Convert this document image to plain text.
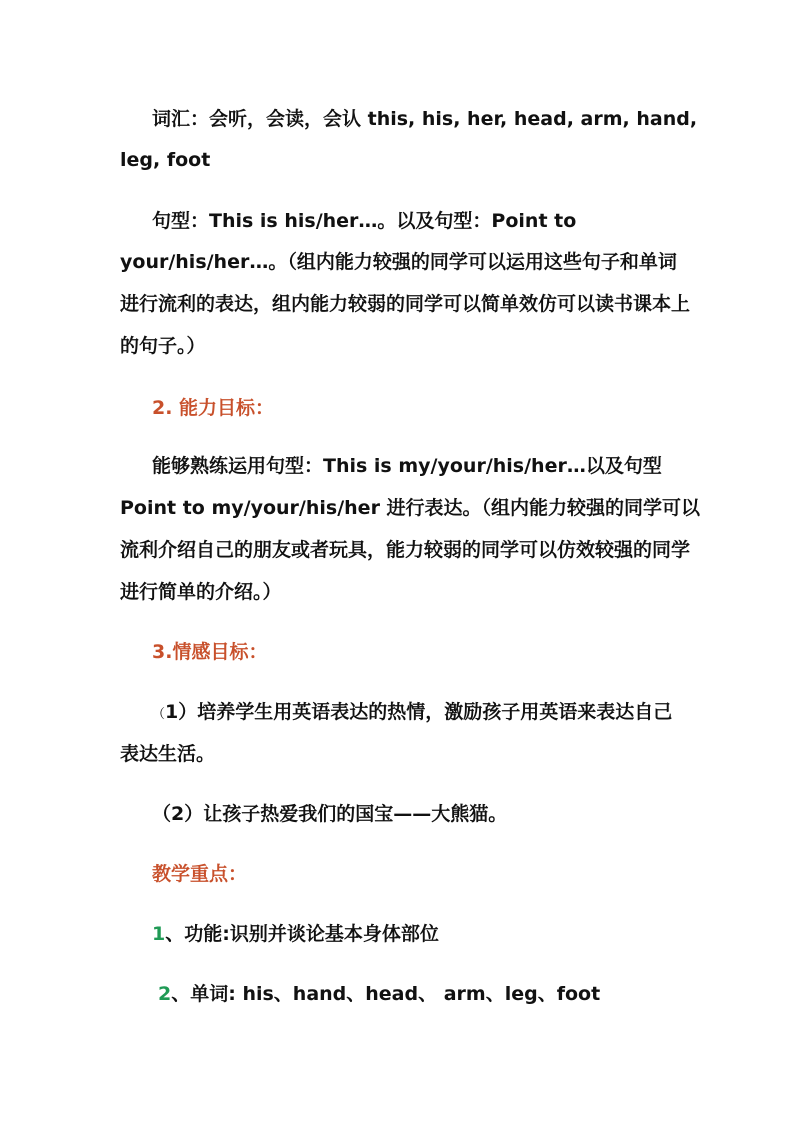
词汇：会听，会读，会认 this, his, her, head, arm, hand,
leg, foot
句型：This is his/her…。以及句型：Point to
your/his/her…。（组内能力较强的同学可以运用这些句子和单词
进行流利的表达，组内能力较弱的同学可以简单效仿可以读书课本上
的句子。）
2. 能力目标：
能够熟练运用句型：This is my/your/his/her…以及句型
Point to my/your/his/her 进行表达。（组内能力较强的同学可以
流利介绍自己的朋友或者玩具，能力较弱的同学可以仿效较强的同学
进行简单的介绍。）
3.情感目标：
（1）培养学生用英语表达的热情，激励孩子用英语来表达自己
表达生活。
（2）让孩子热爱我们的国宝——大熊猫。
教学重点：
1、功能:识别并谈论基本身体部位
2、单词: his、hand、head、 arm、leg、foot
